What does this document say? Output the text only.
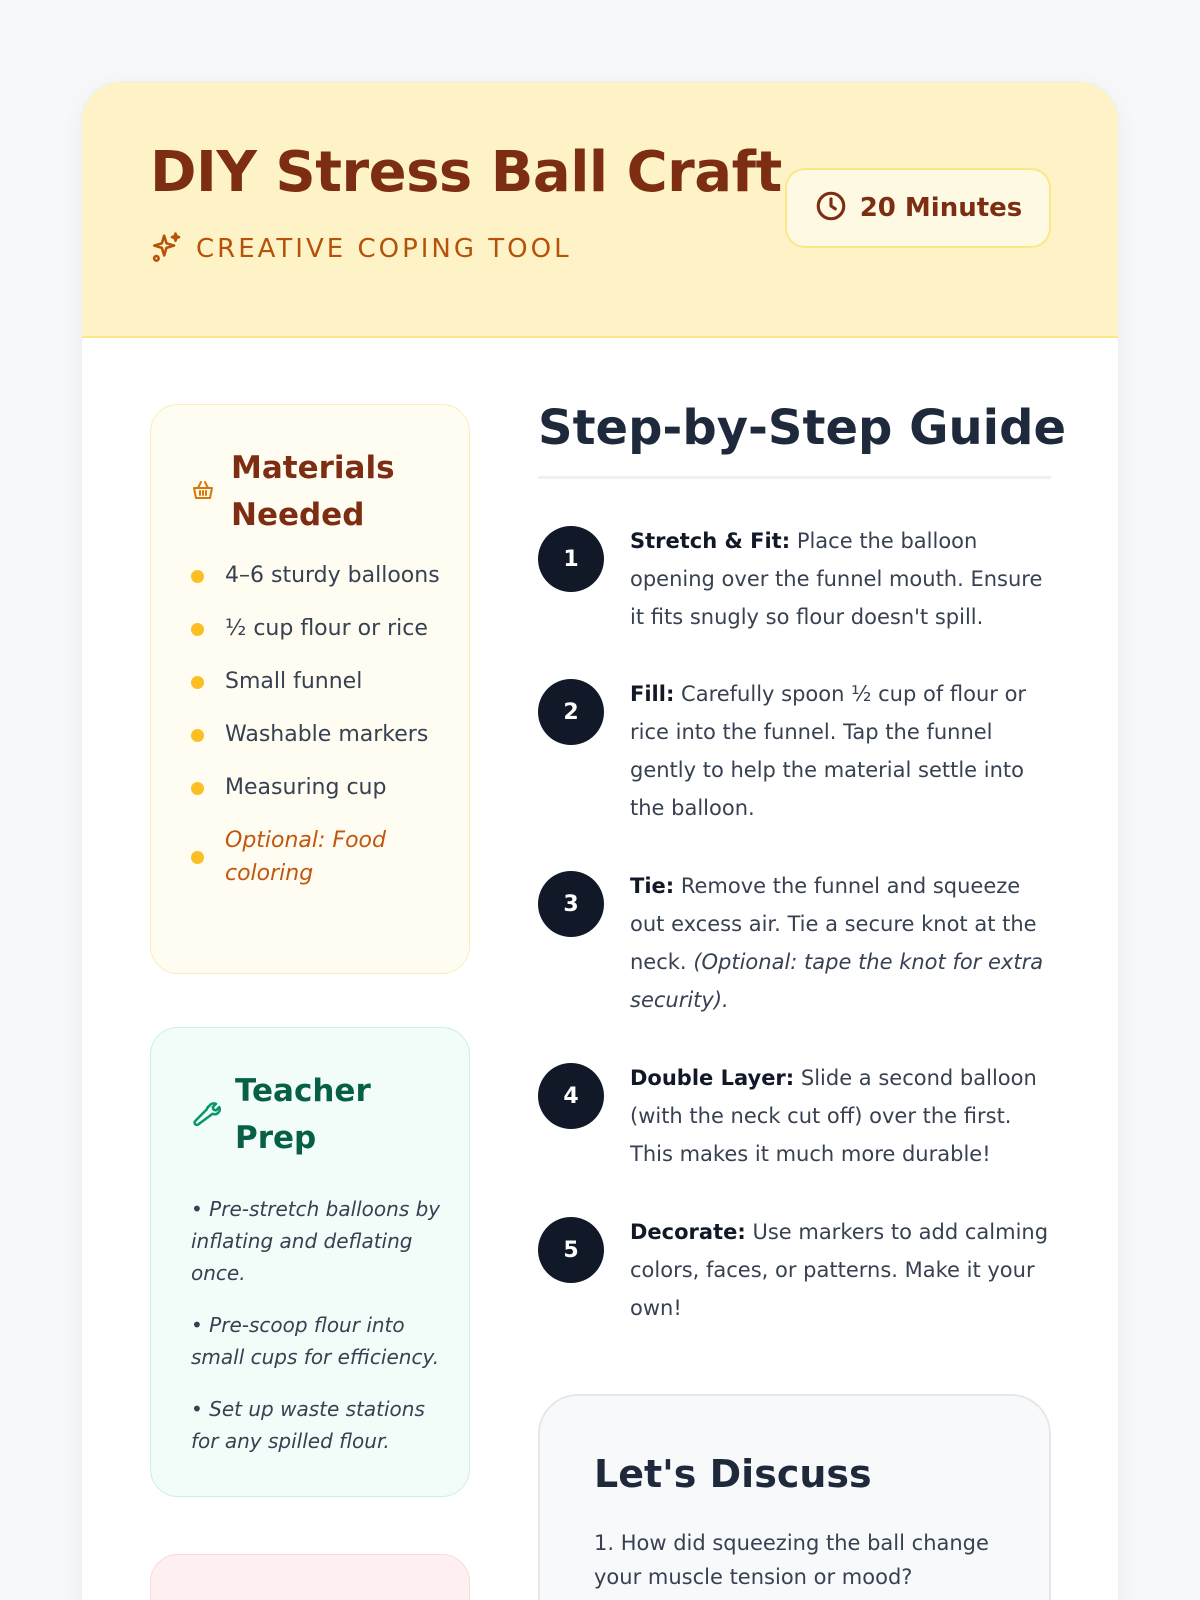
DIY Stress Ball Craft
CREATIVE COPING TOOL
20 Minutes
Materials Needed
4–6 sturdy balloons
½ cup flour or rice
Small funnel
Washable markers
Measuring cup
Optional: Food coloring
Teacher Prep

• Pre-stretch balloons by inflating and deflating once.

• Pre-scoop flour into small cups for efficiency.

• Set up waste stations for any spilled flour.

Step-by-Step Guide
1

Stretch & Fit: Place the balloon opening over the funnel mouth. Ensure it fits snugly so flour doesn't spill.

2

Fill: Carefully spoon ½ cup of flour or rice into the funnel. Tap the funnel gently to help the material settle into the balloon.

3

Tie: Remove the funnel and squeeze out excess air. Tie a secure knot at the neck. (Optional: tape the knot for extra security).

4

Double Layer: Slide a second balloon (with the neck cut off) over the first. This makes it much more durable!

5

Decorate: Use markers to add calming colors, faces, or patterns. Make it your own!

Let's Discuss

1. How did squeezing the ball change your muscle tension or mood?
